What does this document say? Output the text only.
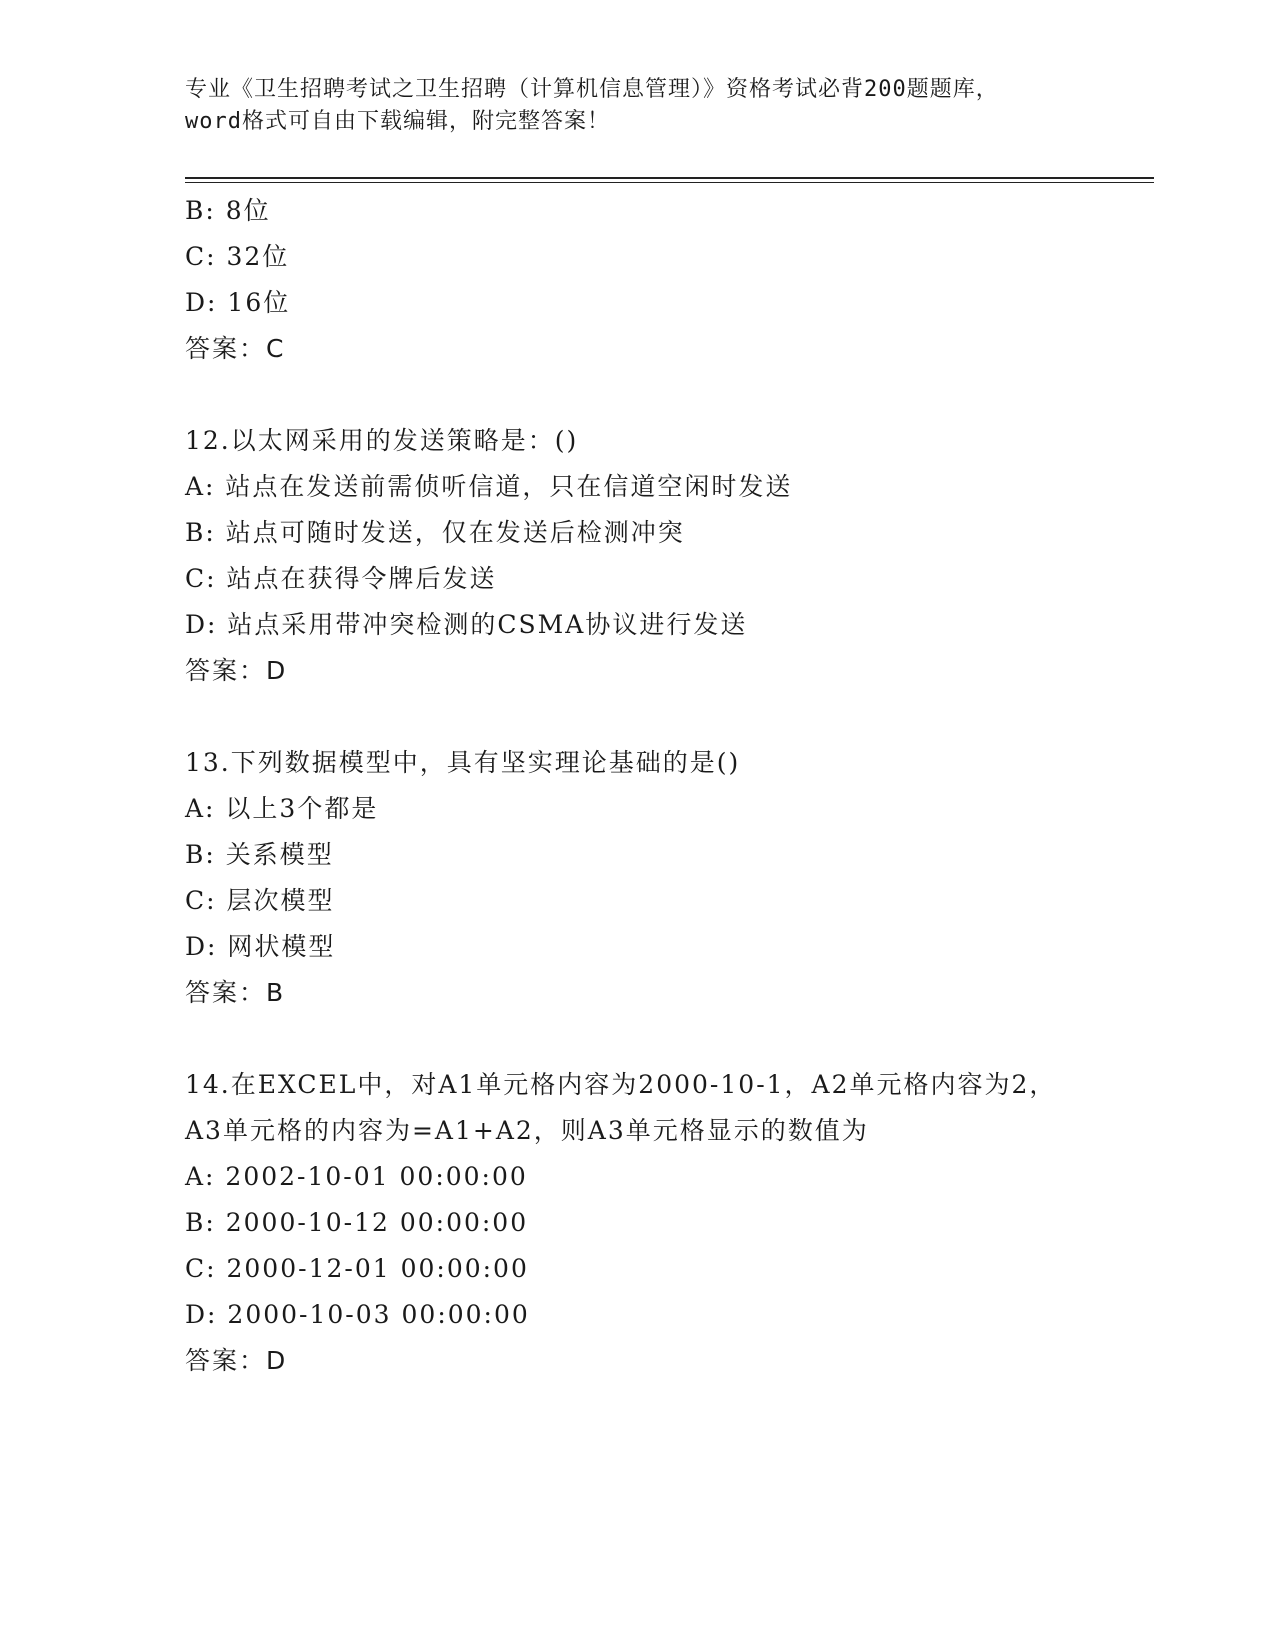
专业《卫生招聘考试之卫生招聘（计算机信息管理）》资格考试必背200题题库，
word格式可自由下载编辑，附完整答案！
B: 8位
C: 32位
D: 16位
答案：C
12.以太网采用的发送策略是：()
A: 站点在发送前需侦听信道，只在信道空闲时发送
B: 站点可随时发送，仅在发送后检测冲突
C: 站点在获得令牌后发送
D: 站点采用带冲突检测的CSMA协议进行发送
答案：D
13.下列数据模型中，具有坚实理论基础的是()
A: 以上3个都是
B: 关系模型
C: 层次模型
D: 网状模型
答案：B
14.在EXCEL中，对A1单元格内容为2000-10-1，A2单元格内容为2，
A3单元格的内容为=A1+A2，则A3单元格显示的数值为
A: 2002-10-01 00:00:00
B: 2000-10-12 00:00:00
C: 2000-12-01 00:00:00
D: 2000-10-03 00:00:00
答案：D
